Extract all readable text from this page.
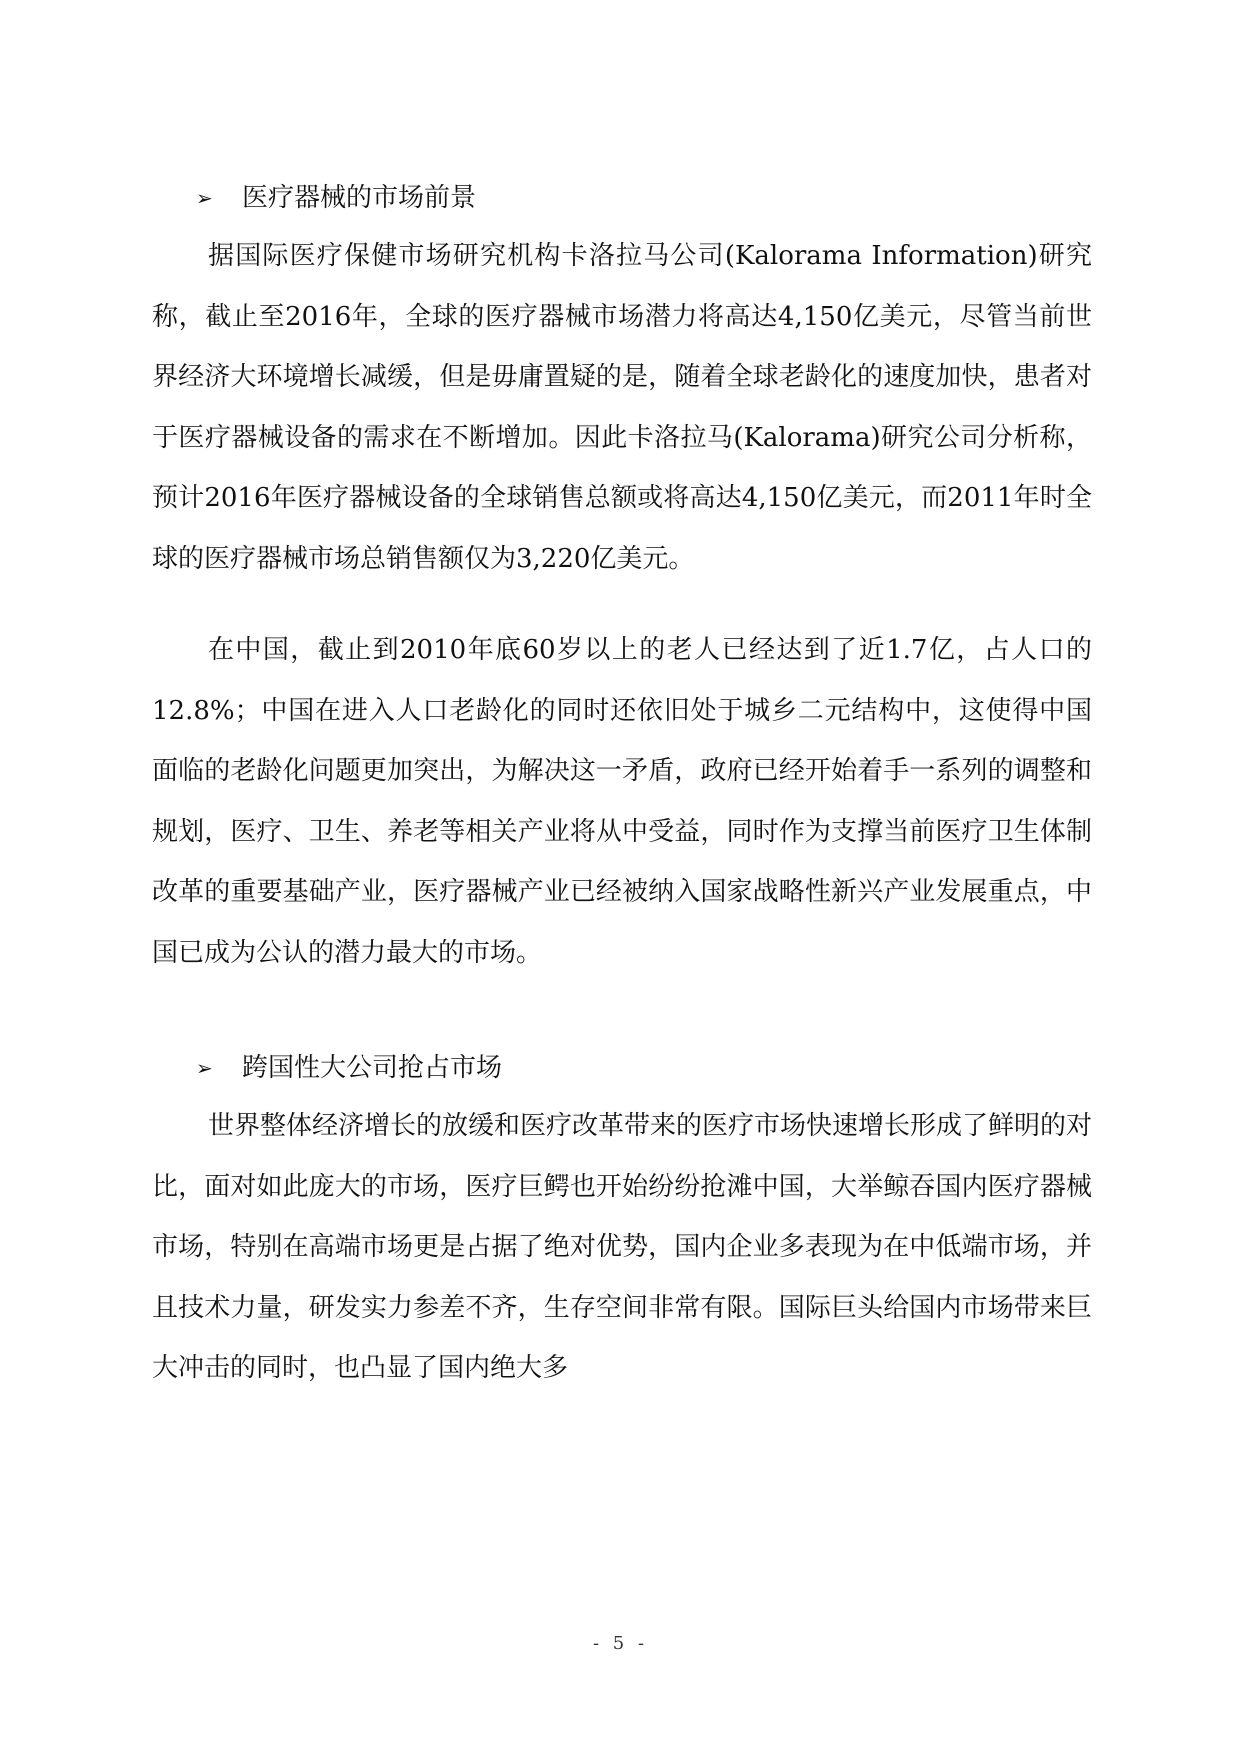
➢	医疗器械的市场前景

据国际医疗保健市场研究机构卡洛拉马公司(Kalorama Information)研究称，截止至2016年，全球的医疗器械市场潜力将高达4,150亿美元，尽管当前世界经济大环境增长减缓，但是毋庸置疑的是，随着全球老龄化的速度加快，患者对于医疗器械设备的需求在不断增加。因此卡洛拉马(Kalorama)研究公司分析称，预计2016年医疗器械设备的全球销售总额或将高达4,150亿美元，而2011年时全球的医疗器械市场总销售额仅为3,220亿美元。

在中国，截止到2010年底60岁以上的老人已经达到了近1.7亿，占人口的12.8%；中国在进入人口老龄化的同时还依旧处于城乡二元结构中，这使得中国面临的老龄化问题更加突出，为解决这一矛盾，政府已经开始着手一系列的调整和规划，医疗、卫生、养老等相关产业将从中受益，同时作为支撑当前医疗卫生体制改革的重要基础产业，医疗器械产业已经被纳入国家战略性新兴产业发展重点，中国已成为公认的潜力最大的市场。

➢	跨国性大公司抢占市场

世界整体经济增长的放缓和医疗改革带来的医疗市场快速增长形成了鲜明的对比，面对如此庞大的市场，医疗巨鳄也开始纷纷抢滩中国，大举鲸吞国内医疗器械市场，特别在高端市场更是占据了绝对优势，国内企业多表现为在中低端市场，并且技术力量，研发实力参差不齐，生存空间非常有限。国际巨头给国内市场带来巨大冲击的同时，也凸显了国内绝大多

- 5 -
